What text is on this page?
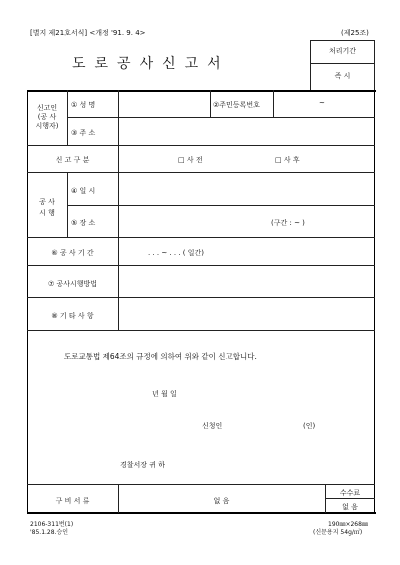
[별지 제21호서식] <개정 '91. 9. 4>	(제25조)
도로공사신고서
처리기간
즉 시
신고인
(공 사
시행자)
① 성 명	②주민등록번호	~
③ 주 소
신 고 구 분	□ 사 전	□ 사 후
공 사
시 행
④ 일 시
⑤ 장 소	(구간 : ~ )
⑥ 공 사 기 간	. . . ~ . . . ( 일간)
⑦ 공사시행방법
⑧ 기 타 사 항
도로교통법 제64조의 규정에 의하여 위와 같이 신고합니다.
년 월 일
신청인	(인)
경찰서장 귀 하
구 비 서 류	없 음
수수료
없 음
2106-311번(1)
'85.1.28.승인
190㎜×268㎜
(신문용지 54g/㎡)
